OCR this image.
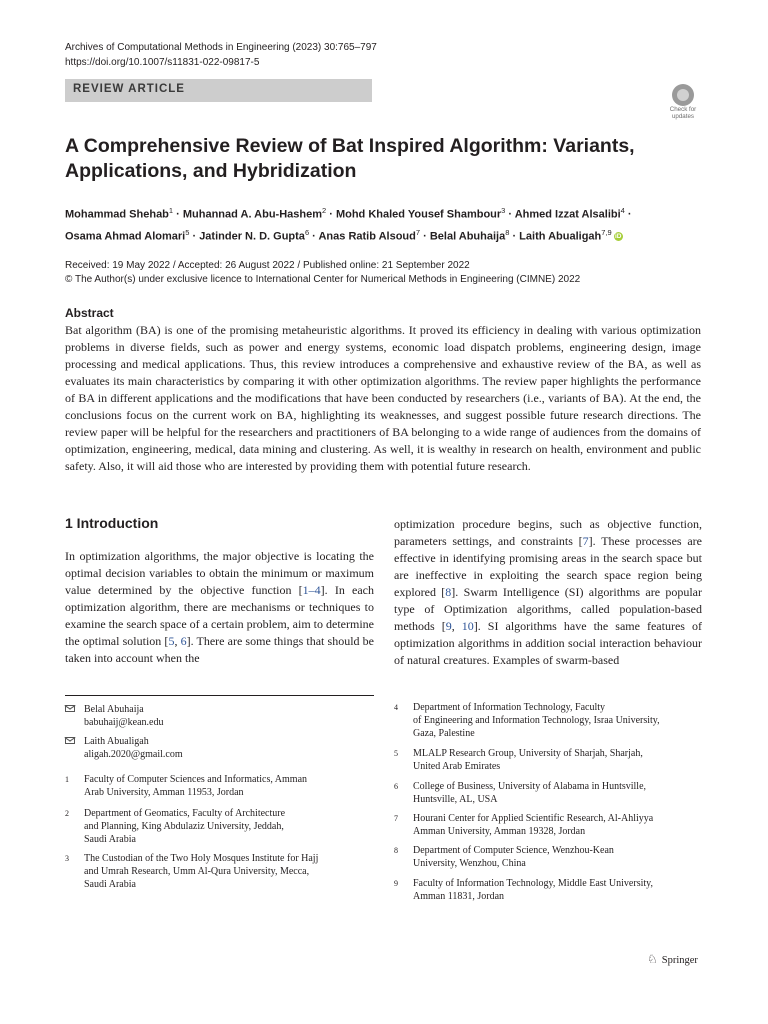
Archives of Computational Methods in Engineering (2023) 30:765–797
https://doi.org/10.1007/s11831-022-09817-5
REVIEW ARTICLE
Check for
updates
A Comprehensive Review of Bat Inspired Algorithm: Variants,
Applications, and Hybridization
Mohammad Shehab$^1$ · Muhannad A. Abu-Hashem$^2$ · Mohd Khaled Yousef Shambour$^3$ · Ahmed Izzat Alsalibi$^4$ ·
Osama Ahmad Alomari$^5$ · Jatinder N. D. Gupta$^6$ · Anas Ratib Alsoud$^7$ · Belal Abuhaija$^8$ · Laith Abualigah$^{7,9}$ iD
Received: 19 May 2022 / Accepted: 26 August 2022 / Published online: 21 September 2022
© The Author(s) under exclusive licence to International Center for Numerical Methods in Engineering (CIMNE) 2022
Abstract
Bat algorithm (BA) is one of the promising metaheuristic algorithms. It proved its efficiency in dealing with various optimization problems in diverse fields, such as power and energy systems, economic load dispatch problems, engineering design, image processing and medical applications. Thus, this review introduces a comprehensive and exhaustive review of the BA, as well as evaluates its main characteristics by comparing it with other optimization algorithms. The review paper highlights the performance of BA in different applications and the modifications that have been conducted by researchers (i.e., variants of BA). At the end, the conclusions focus on the current work on BA, highlighting its weaknesses, and suggest possible future research directions. The review paper will be helpful for the researchers and practitioners of BA belonging to a wide range of audiences from the domains of optimization, engineering, medical, data mining and clustering. As well, it is wealthy in research on health, environment and public safety. Also, it will aid those who are interested by providing them with potential future research.
1 Introduction
In optimization algorithms, the major objective is locating the optimal decision variables to obtain the minimum or maximum value determined by the objective function [1–4]. In each optimization algorithm, there are mechanisms or techniques to examine the search space of a certain problem, aim to determine the optimal solution [5, 6]. There are some things that should be taken into account when the
optimization procedure begins, such as objective function, parameters settings, and constraints [7]. These processes are effective in identifying promising areas in the search space but are ineffective in exploiting the search space region being explored [8]. Swarm Intelligence (SI) algorithms are popular type of Optimization algorithms, called population-based methods [9, 10]. SI algorithms have the same features of optimization algorithms in addition social interaction behaviour of natural creatures. Examples of swarm-based
Belal Abuhaija
babuhaij@kean.edu
Laith Abualigah
aligah.2020@gmail.com
1 Faculty of Computer Sciences and Informatics, Amman
Arab University, Amman 11953, Jordan
2 Department of Geomatics, Faculty of Architecture
and Planning, King Abdulaziz University, Jeddah,
Saudi Arabia
3 The Custodian of the Two Holy Mosques Institute for Hajj
and Umrah Research, Umm Al-Qura University, Mecca,
Saudi Arabia
4 Department of Information Technology, Faculty
of Engineering and Information Technology, Israa University,
Gaza, Palestine
5 MLALP Research Group, University of Sharjah, Sharjah,
United Arab Emirates
6 College of Business, University of Alabama in Huntsville,
Huntsville, AL, USA
7 Hourani Center for Applied Scientific Research, Al-Ahliyya
Amman University, Amman 19328, Jordan
8 Department of Computer Science, Wenzhou-Kean
University, Wenzhou, China
9 Faculty of Information Technology, Middle East University,
Amman 11831, Jordan
♘ Springer
